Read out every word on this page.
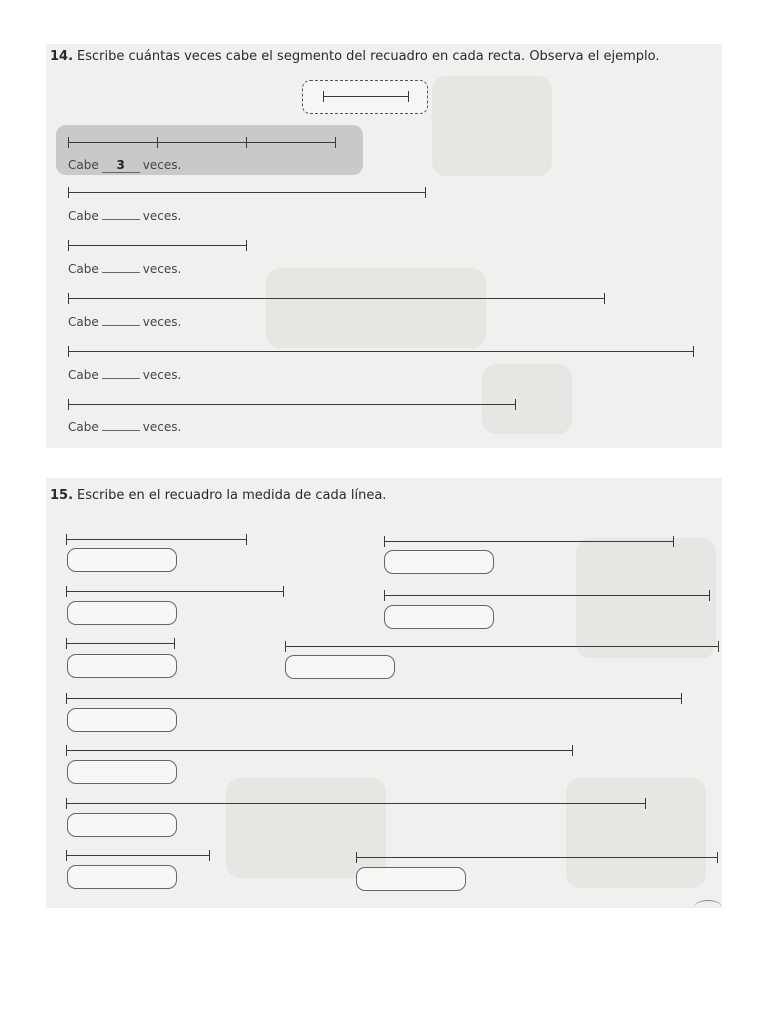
14. Escribe cuántas veces cabe el segmento del recuadro en cada recta. Observa el ejemplo.
Cabe 3 veces.
Cabe	veces.
Cabe	veces.
Cabe	veces.
Cabe	veces.
Cabe	veces.
15. Escribe en el recuadro la medida de cada línea.
